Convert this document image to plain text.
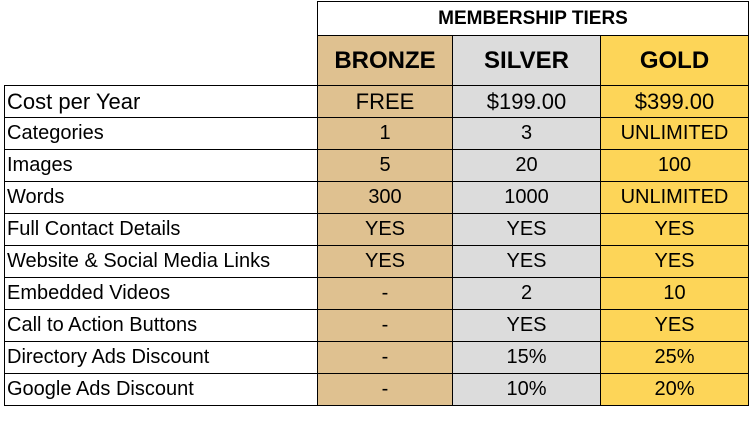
	MEMBERSHIP TIERS		
	BRONZE	SILVER	GOLD
Cost per Year	FREE	$199.00	$399.00
Categories	1	3	UNLIMITED
Images	5	20	100
Words	300	1000	UNLIMITED
Full Contact Details	YES	YES	YES
Website & Social Media Links	YES	YES	YES
Embedded Videos	-	2	10
Call to Action Buttons	-	YES	YES
Directory Ads Discount	-	15%	25%
Google Ads Discount	-	10%	20%
